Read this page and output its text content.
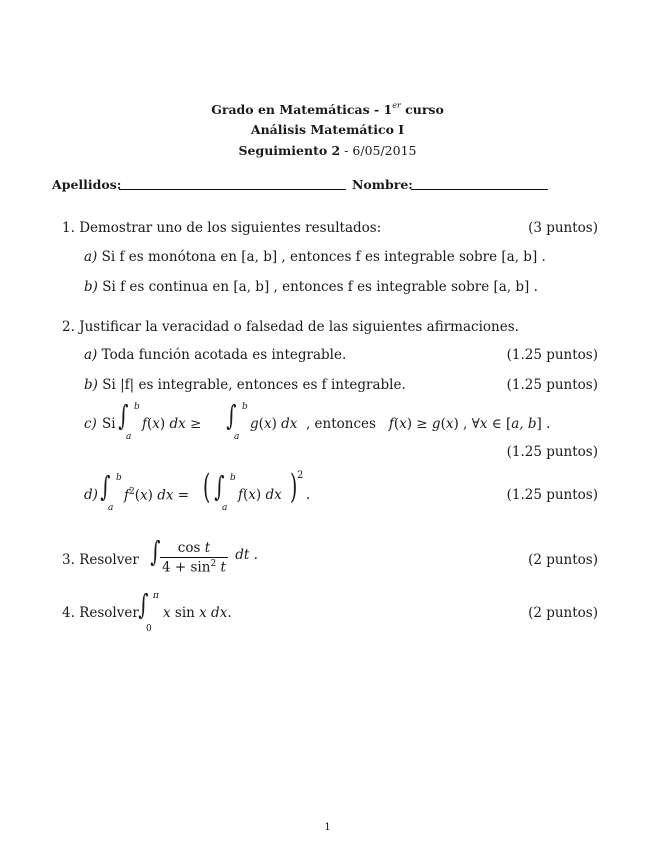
Grado en Matemáticas - 1er curso
Análisis Matemático I
Seguimiento 2 - 6/05/2015
Apellidos:	Nombre:
1. Demostrar uno de los siguientes resultados:	(3 puntos)
a) Si f es monótona en [a, b] , entonces f es integrable sobre [a, b] .
b) Si f es continua en [a, b] , entonces f es integrable sobre [a, b] .
2. Justificar la veracidad o falsedad de las siguientes afirmaciones.
a) Toda función acotada es integrable.	(1.25 puntos)
b) Si |f| es integrable, entonces es f integrable.	(1.25 puntos)
c) Si ∫ b
a
f(x) dx ≥ ∫ b
a
g(x) dx  , entonces   f(x) ≥ g(x) , ∀x ∈ [a, b] .
(1.25 puntos)
d) ∫ b
a
$f^2(x)$ dx = ( ∫ b
a
f(x) dx ) 2
.	(1.25 puntos)
3. Resolver ∫ $\frac{\text{cos t}}{4 + \sin^2 t}$ dt .	(2 puntos)
4. Resolver ∫ π
0
x sin x dx.	(2 puntos)
1
